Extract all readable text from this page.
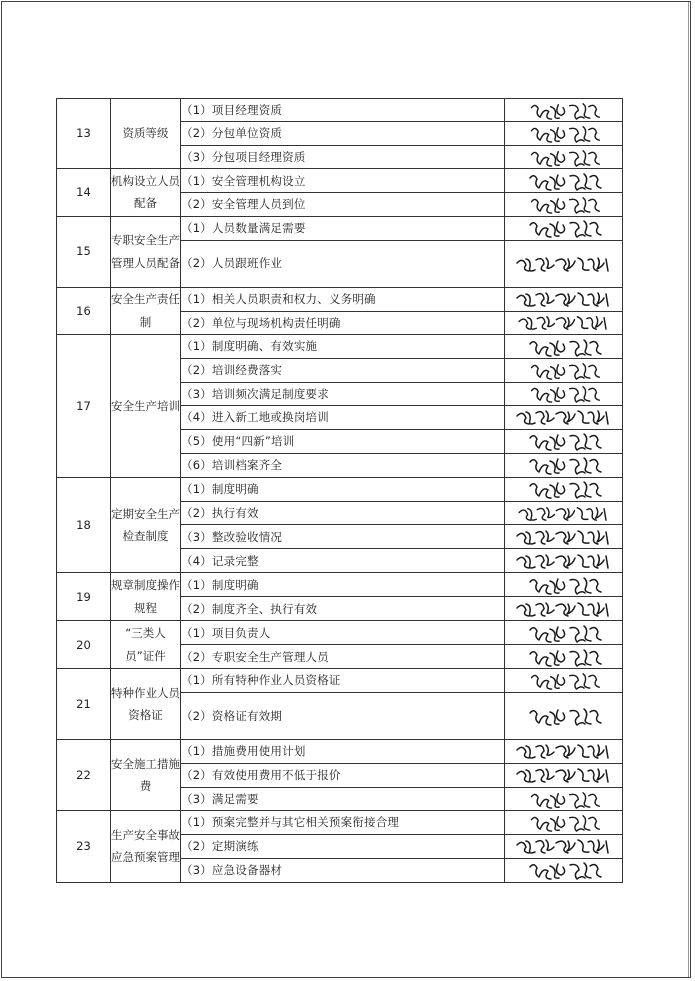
13	资质等级	（1）项目经理资质	

		（2）分包单位资质	

		（3）分包项目经理资质	

14	机构设立人员配备	（1）安全管理机构设立	

		（2）安全管理人员到位	

15	专职安全生产管理人员配备	（1）人员数量满足需要	

		（2）人员跟班作业	

16	安全生产责任制	（1）相关人员职责和权力、义务明确	

		（2）单位与现场机构责任明确	

17	安全生产培训	（1）制度明确、有效实施	

		（2）培训经费落实	

		（3）培训频次满足制度要求	

		（4）进入新工地或换岗培训	

		（5）使用“四新”培训	

		（6）培训档案齐全	

18	定期安全生产检查制度	（1）制度明确	

		（2）执行有效	

		（3）整改验收情况	

		（4）记录完整	

19	规章制度操作规程	（1）制度明确	

		（2）制度齐全、执行有效	

20	“三类人员”证件	（1）项目负责人	

		（2）专职安全生产管理人员	

21	特种作业人员资格证	（1）所有特种作业人员资格证	

		（2）资格证有效期	

22	安全施工措施费	（1）措施费用使用计划	

		（2）有效使用费用不低于报价	

		（3）满足需要	

23	生产安全事故应急预案管理	（1）预案完整并与其它相关预案衔接合理	

		（2）定期演练	

		（3）应急设备器材	
